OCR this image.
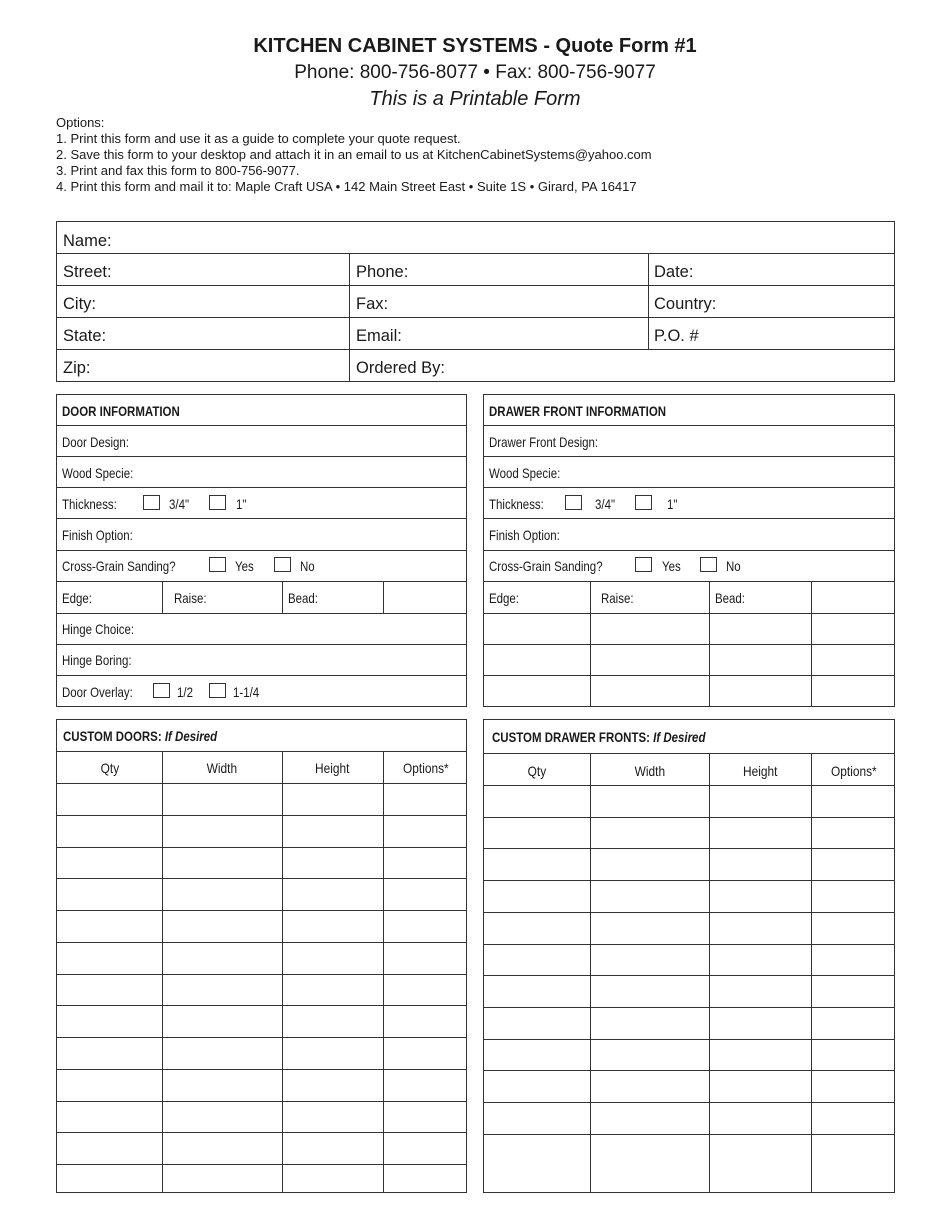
KITCHEN CABINET SYSTEMS - Quote Form #1
Phone: 800-756-8077 • Fax: 800-756-9077
This is a Printable Form
Options:
1. Print this form and use it as a guide to complete your quote request.
2. Save this form to your desktop and attach it in an email to us at KitchenCabinetSystems@yahoo.com
3. Print and fax this form to 800-756-9077.
4. Print this form and mail it to: Maple Craft USA • 142 Main Street East • Suite 1S • Girard, PA 16417
Name:
Street:	Phone:	Date:
City:	Fax:	Country:
State:	Email:	P.O. #
Zip:	Ordered By:
DOOR INFORMATION
Door Design:
Wood Specie:
Thickness:	3/4"	1"
Finish Option:
Cross-Grain Sanding?	Yes	No
Edge:	Raise:	Bead:
Hinge Choice:
Hinge Boring:
Door Overlay:	1/2	1-1/4
DRAWER FRONT INFORMATION
Drawer Front Design:
Wood Specie:
Thickness:	3/4"	1"
Finish Option:
Cross-Grain Sanding?	Yes	No
Edge:	Raise:	Bead:
CUSTOM DOORS: If Desired
Qty	Width	Height	Options*
CUSTOM DRAWER FRONTS: If Desired
Qty	Width	Height	Options*
